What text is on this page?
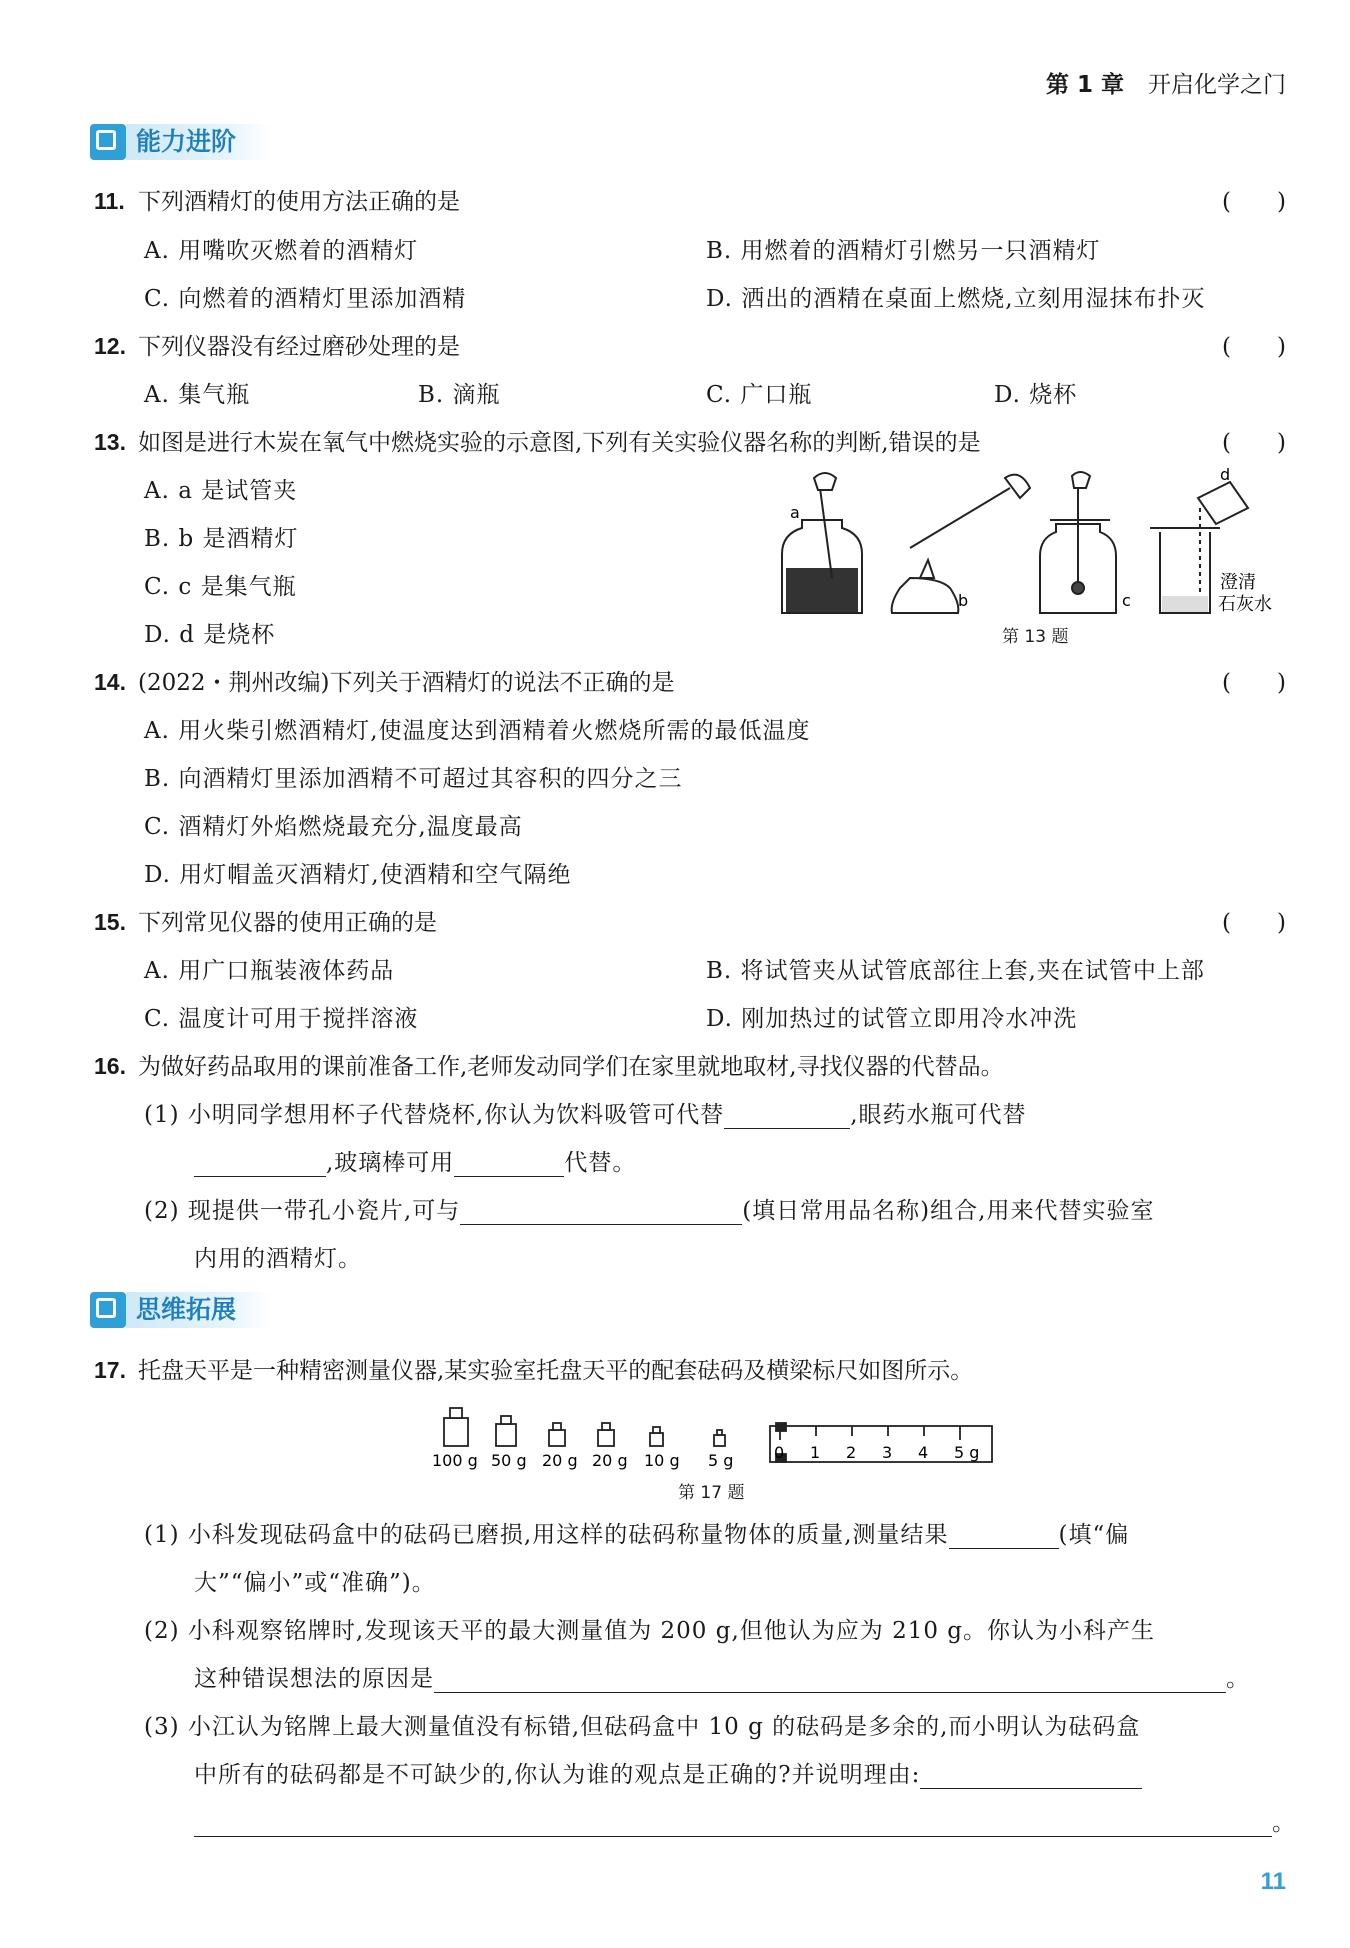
第 1 章 开启化学之门
能力进阶
11. 下列酒精灯的使用方法正确的是	(　　)
A. 用嘴吹灭燃着的酒精灯	B. 用燃着的酒精灯引燃另一只酒精灯
C. 向燃着的酒精灯里添加酒精	D. 洒出的酒精在桌面上燃烧,立刻用湿抹布扑灭
12. 下列仪器没有经过磨砂处理的是	(　　)
A. 集气瓶	B. 滴瓶	C. 广口瓶	D. 烧杯
13. 如图是进行木炭在氧气中燃烧实验的示意图,下列有关实验仪器名称的判断,错误的是	(　　)
A. a 是试管夹
B. b 是酒精灯
C. c 是集气瓶
D. d 是烧杯
a
b	c
d
澄清
石灰水
第 13 题
14. (2022・荆州改编)下列关于酒精灯的说法不正确的是	(　　)
A. 用火柴引燃酒精灯,使温度达到酒精着火燃烧所需的最低温度
B. 向酒精灯里添加酒精不可超过其容积的四分之三
C. 酒精灯外焰燃烧最充分,温度最高
D. 用灯帽盖灭酒精灯,使酒精和空气隔绝
15. 下列常见仪器的使用正确的是	(　　)
A. 用广口瓶装液体药品	B. 将试管夹从试管底部往上套,夹在试管中上部
C. 温度计可用于搅拌溶液	D. 刚加热过的试管立即用冷水冲洗
16. 为做好药品取用的课前准备工作,老师发动同学们在家里就地取材,寻找仪器的代替品。
(1) 小明同学想用杯子代替烧杯,你认为饮料吸管可代替	,眼药水瓶可代替
,玻璃棒可用	代替。
(2) 现提供一带孔小瓷片,可与	(填日常用品名称)组合,用来代替实验室
内用的酒精灯。
思维拓展
17. 托盘天平是一种精密测量仪器,某实验室托盘天平的配套砝码及横梁标尺如图所示。
100 g 50 g 20 g 20 g 10 g 5 g	0 1 2 3 4 5 g
第 17 题
(1) 小科发现砝码盒中的砝码已磨损,用这样的砝码称量物体的质量,测量结果	(填“偏
大”“偏小”或“准确”)。
(2) 小科观察铭牌时,发现该天平的最大测量值为 200 g,但他认为应为 210 g。你认为小科产生
这种错误想法的原因是	。
(3) 小江认为铭牌上最大测量值没有标错,但砝码盒中 10 g 的砝码是多余的,而小明认为砝码盒
中所有的砝码都是不可缺少的,你认为谁的观点是正确的?并说明理由:
。
11
